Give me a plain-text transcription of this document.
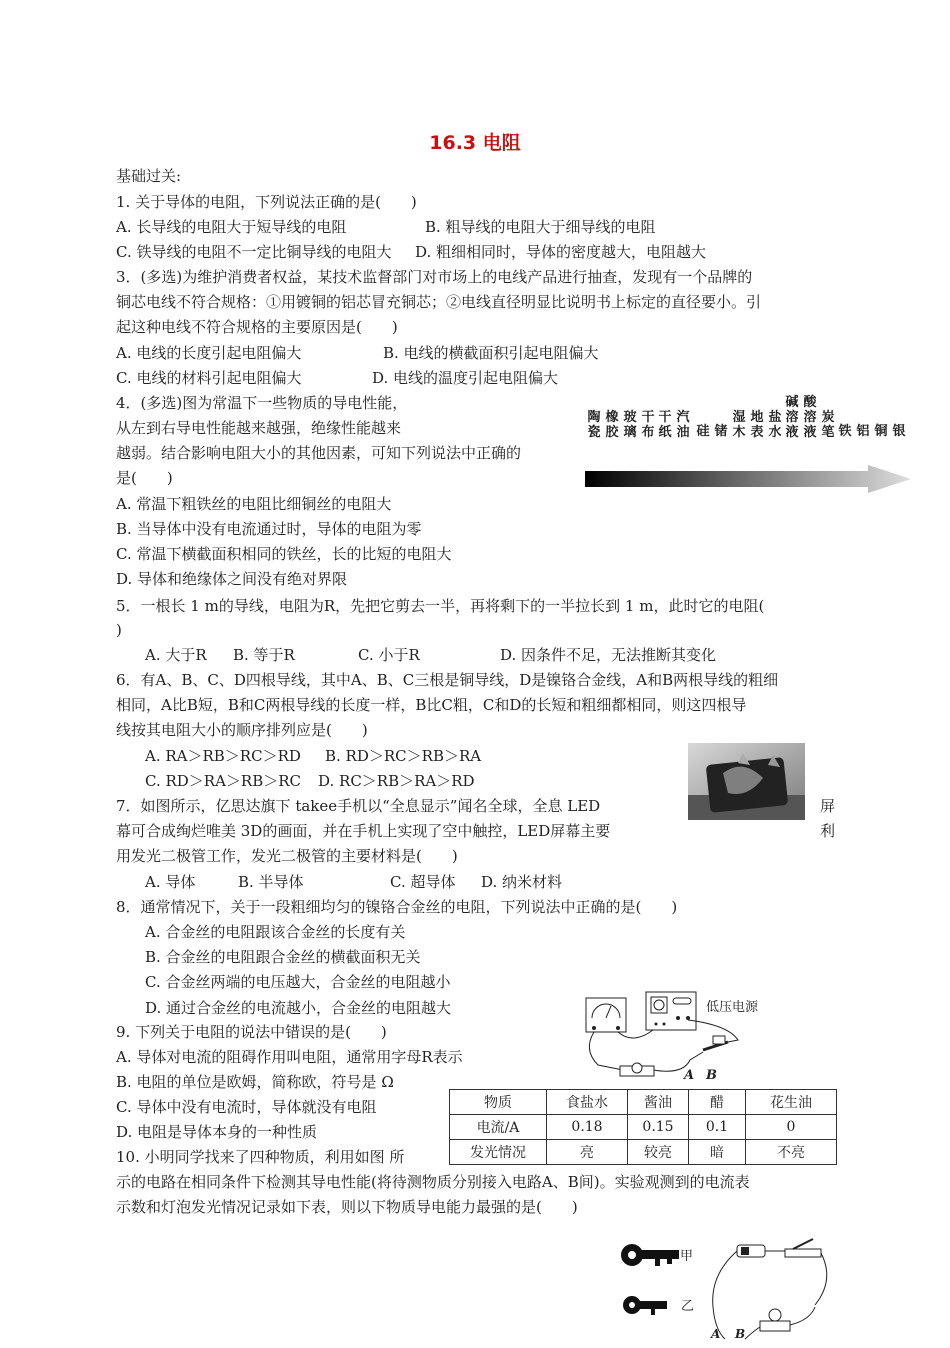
16.3 电阻
基础过关:
1. 关于导体的电阻，下列说法正确的是(　　)
A. 长导线的电阻大于短导线的电阻	B. 粗导线的电阻大于细导线的电阻
C. 铁导线的电阻不一定比铜导线的电阻大 D. 粗细相同时，导体的密度越大，电阻越大
3．(多选)为维护消费者权益，某技术监督部门对市场上的电线产品进行抽查，发现有一个品牌的
铜芯电线不符合规格：①用镀铜的铝芯冒充铜芯；②电线直径明显比说明书上标定的直径要小。引
起这种电线不符合规格的主要原因是(　　)
A. 电线的长度引起电阻偏大	B. 电线的横截面积引起电阻偏大
C. 电线的材料引起电阻偏大	D. 电线的温度引起电阻偏大
4．(多选)图为常温下一些物质的导电性能，
从左到右导电性能越来越强，绝缘性能越来
越弱。结合影响电阻大小的其他因素，可知下列说法中正确的
是(　　)
A. 常温下粗铁丝的电阻比细铜丝的电阻大
B. 当导体中没有电流通过时，导体的电阻为零
C. 常温下横截面积相同的铁丝，长的比短的电阻大
D. 导体和绝缘体之间没有绝对界限
陶瓷
橡胶
玻璃
干布
干纸
汽油 硅 锗
湿木
地表
盐水
碱溶液
酸溶液
炭笔 铁 铝 铜 银
5．一根长 1 m的导线，电阻为R，先把它剪去一半，再将剩下的一半拉长到 1 m，此时它的电阻(
)
A. 大于R B. 等于R	C. 小于R	D. 因条件不足，无法推断其变化
6．有A、B、C、D四根导线，其中A、B、C三根是铜导线，D是镍铬合金线，A和B两根导线的粗细
相同，A比B短，B和C两根导线的长度一样，B比C粗，C和D的长短和粗细都相同，则这四根导
线按其电阻大小的顺序排列应是(　　)
A. RA＞RB＞RC＞RD B. RD＞RC＞RB＞RA
C. RD＞RA＞RB＞RC D. RC＞RB＞RA＞RD
7．如图所示，亿思达旗下 takee手机以“全息显示”闻名全球，全息 LED	屏
幕可合成绚烂唯美 3D的画面，并在手机上实现了空中触控，LED屏幕主要	利
用发光二极管工作，发光二极管的主要材料是(　　)
A. 导体	B. 半导体	C. 超导体 D. 纳米材料
8．通常情况下，关于一段粗细均匀的镍铬合金丝的电阻，下列说法中正确的是(　　)
A. 合金丝的电阻跟该合金丝的长度有关
B. 合金丝的电阻跟合金丝的横截面积无关
C. 合金丝两端的电压越大，合金丝的电阻越小
D. 通过合金丝的电流越小，合金丝的电阻越大	低压电源
A B
9. 下列关于电阻的说法中错误的是(　　)
A. 导体对电流的阻碍作用叫电阻，通常用字母R表示
B. 电阻的单位是欧姆，简称欧，符号是 Ω
C. 导体中没有电流时，导体就没有电阻
D. 电阻是导体本身的一种性质
物质	食盐水	酱油	醋	花生油
电流/A	0.18	0.15	0.1	0
发光情况	亮	较亮	暗	不亮
10. 小明同学找来了四种物质，利用如图 所
示的电路在相同条件下检测其导电性能(将待测物质分别接入电路A、B间)。实验观测到的电流表
示数和灯泡发光情况记录如下表，则以下物质导电能力最强的是(　　)
甲
乙
A B
